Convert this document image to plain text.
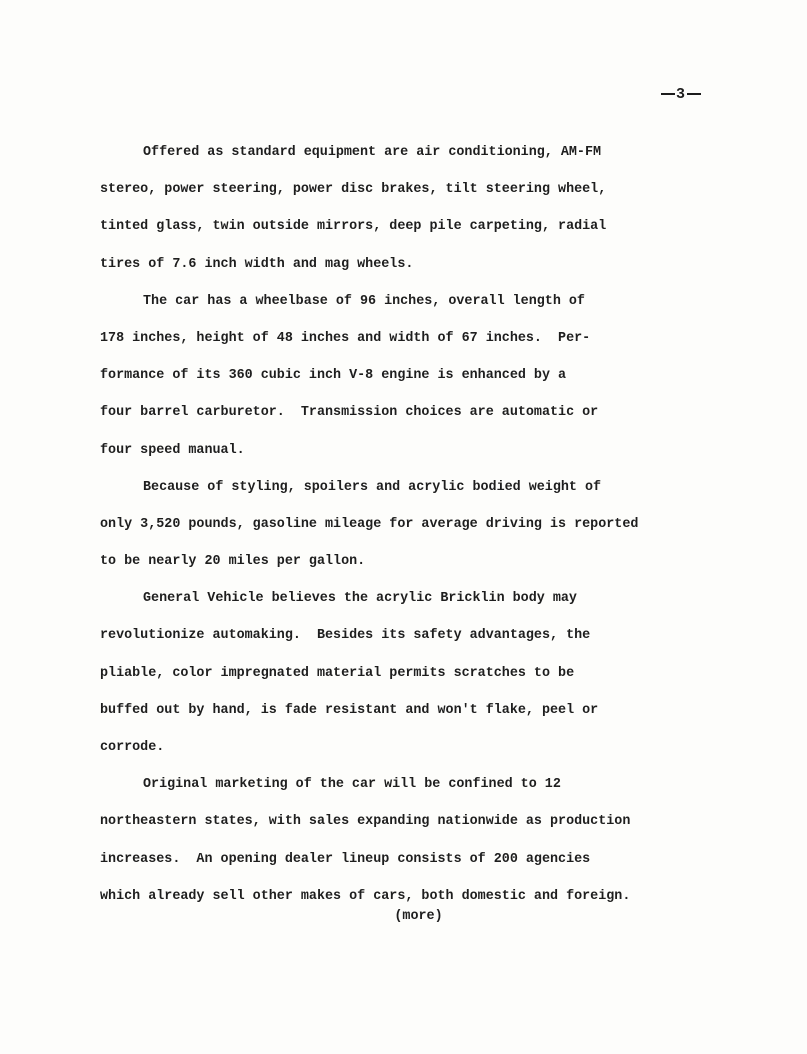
3
Offered as standard equipment are air conditioning, AM-FM
stereo, power steering, power disc brakes, tilt steering wheel,
tinted glass, twin outside mirrors, deep pile carpeting, radial
tires of 7.6 inch width and mag wheels.
The car has a wheelbase of 96 inches, overall length of
178 inches, height of 48 inches and width of 67 inches.  Per-
formance of its 360 cubic inch V-8 engine is enhanced by a
four barrel carburetor.  Transmission choices are automatic or
four speed manual.
Because of styling, spoilers and acrylic bodied weight of
only 3,520 pounds, gasoline mileage for average driving is reported
to be nearly 20 miles per gallon.
General Vehicle believes the acrylic Bricklin body may
revolutionize automaking.  Besides its safety advantages, the
pliable, color impregnated material permits scratches to be
buffed out by hand, is fade resistant and won't flake, peel or
corrode.
Original marketing of the car will be confined to 12
northeastern states, with sales expanding nationwide as production
increases.  An opening dealer lineup consists of 200 agencies
which already sell other makes of cars, both domestic and foreign.
(more)
